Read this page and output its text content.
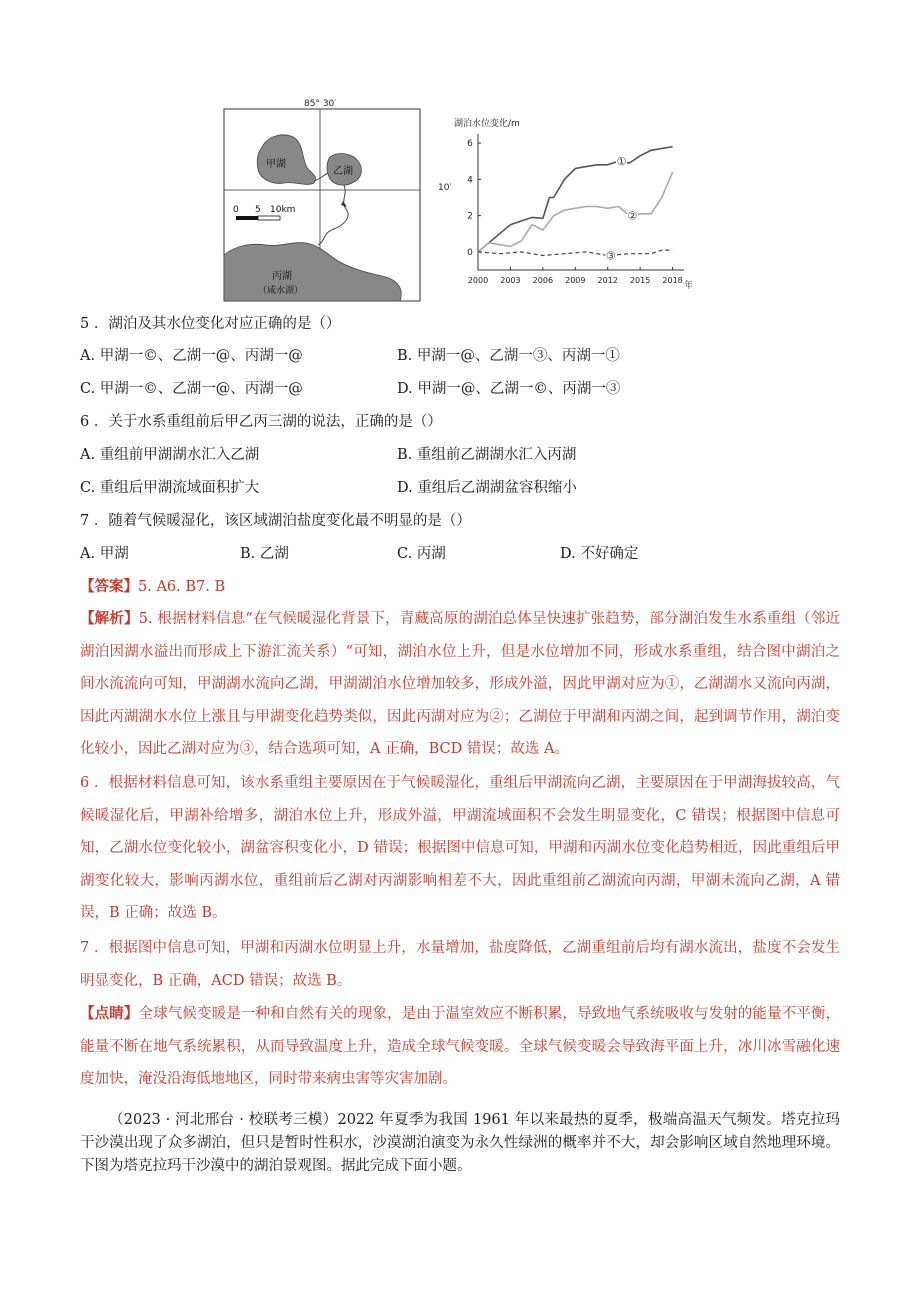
85° 30′
甲湖
乙湖
丙湖
（咸水湖）
0 5 10km
湖泊水位变化/m
10′
0
2
4
6
2000 2003 2006 2009 2012 2015 2018
①
②
③
年
5 ．湖泊及其水位变化对应正确的是（）
A. 甲湖一©、乙湖一@、丙湖一@	B. 甲湖一@、乙湖一③、丙湖一①
C. 甲湖一©、乙湖一@、丙湖一@	D. 甲湖一@、乙湖一©、丙湖一③
6 ．关于水系重组前后甲乙丙三湖的说法，正确的是（）
A. 重组前甲湖湖水汇入乙湖	B. 重组前乙湖湖水汇入丙湖
C. 重组后甲湖流域面积扩大	D. 重组后乙湖湖盆容积缩小
7 ．随着气候暖湿化，该区域湖泊盐度变化最不明显的是（）
A. 甲湖	B. 乙湖	C. 丙湖	D. 不好确定
【答案】5. A6. B7. B
【解析】5. 根据材料信息“在气候暖湿化背景下，青藏高原的湖泊总体呈快速扩张趋势，部分湖泊发生水系重组（邻近湖泊因湖水溢出而形成上下游汇流关系）“可知，湖泊水位上升，但是水位增加不同，形成水系重组，结合图中湖泊之间水流流向可知，甲湖湖水流向乙湖，甲湖湖泊水位增加较多，形成外溢，因此甲湖对应为①，乙湖湖水又流向丙湖，因此丙湖湖水水位上涨且与甲湖变化趋势类似，因此丙湖对应为②；乙湖位于甲湖和丙湖之间，起到调节作用，湖泊变化较小，因此乙湖对应为③，结合选项可知，A 正确，BCD 错误；故选 A。
6 ．根据材料信息可知，该水系重组主要原因在于气候暖湿化，重组后甲湖流向乙湖，主要原因在于甲湖海拔较高，气候暖湿化后，甲湖补给增多，湖泊水位上升，形成外溢，甲湖流域面积不会发生明显变化，C 错误；根据图中信息可知，乙湖水位变化较小，湖盆容积变化小，D 错误；根据图中信息可知，甲湖和丙湖水位变化趋势相近，因此重组后甲湖变化较大，影响丙湖水位，重组前后乙湖对丙湖影响相差不大，因此重组前乙湖流向丙湖，甲湖未流向乙湖，A 错误，B 正确；故选 B。
7 ．根据图中信息可知，甲湖和丙湖水位明显上升，水量增加，盐度降低，乙湖重组前后均有湖水流出，盐度不会发生明显变化，B 正确，ACD 错误；故选 B。
【点睛】全球气候变暖是一种和自然有关的现象，是由于温室效应不断积累，导致地气系统吸收与发射的能量不平衡，能量不断在地气系统累积，从而导致温度上升，造成全球气候变暖。全球气候变暖会导致海平面上升，冰川冰雪融化速度加快，淹没沿海低地地区，同时带来病虫害等灾害加剧。
（2023 · 河北邢台 · 校联考三模）2022 年夏季为我国 1961 年以来最热的夏季，极端高温天气频发。塔克拉玛干沙漠出现了众多湖泊，但只是暂时性积水，沙漠湖泊演变为永久性绿洲的概率并不大，却会影响区域自然地理环境。下图为塔克拉玛干沙漠中的湖泊景观图。据此完成下面小题。
